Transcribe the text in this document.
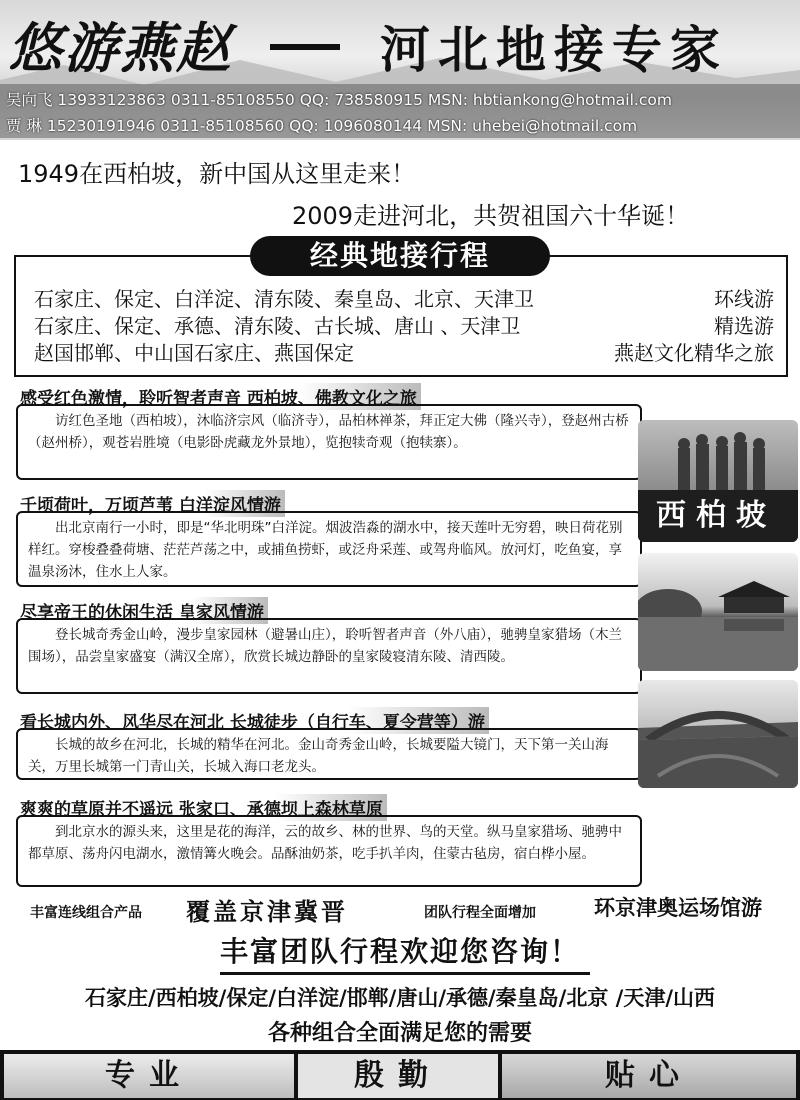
悠游燕赵	河北地接专家
吴向飞 13933123863 0311-85108550 QQ: 738580915 MSN: hbtiankong@hotmail.com
贾 琳 15230191946 0311-85108560 QQ: 1096080144 MSN: uhebei@hotmail.com
1949在西柏坡，新中国从这里走来！
2009走进河北，共贺祖国六十华诞！
石家庄、保定、白洋淀、清东陵、秦皇岛、北京、天津卫	环线游
石家庄、保定、承德、清东陵、古长城、唐山 、天津卫	精选游
赵国邯郸、中山国石家庄、燕国保定	燕赵文化精华之旅
经典地接行程
感受红色激情，聆听智者声音 西柏坡、佛教文化之旅
访红色圣地（西柏坡），沐临济宗风（临济寺），品柏林禅茶，拜正定大佛（隆兴寺），登赵州古桥（赵州桥），观苍岩胜境（电影卧虎藏龙外景地），览抱犊奇观（抱犊寨）。
千顷荷叶，万顷芦苇 白洋淀风情游
出北京南行一小时，即是“华北明珠”白洋淀。烟波浩淼的湖水中，接天莲叶无穷碧，映日荷花别样红。穿梭叠叠荷塘、茫茫芦荡之中，或捕鱼捞虾，或泛舟采莲、或驾舟临风。放河灯，吃鱼宴，享温泉汤沐，住水上人家。
尽享帝王的休闲生活 皇家风情游
登长城奇秀金山岭，漫步皇家园林（避暑山庄），聆听智者声音（外八庙），驰骋皇家猎场（木兰围场），品尝皇家盛宴（满汉全席），欣赏长城边静卧的皇家陵寝清东陵、清西陵。
看长城内外、风华尽在河北 长城徒步（自行车、夏令营等）游
长城的故乡在河北，长城的精华在河北。金山奇秀金山岭，长城要隘大镜门，天下第一关山海关，万里长城第一门青山关，长城入海口老龙头。
爽爽的草原并不遥远 张家口、承德坝上森林草原
到北京水的源头来，这里是花的海洋，云的故乡、林的世界、鸟的天堂。纵马皇家猎场、驰骋中都草原、荡舟闪电湖水，激情篝火晚会。品酥油奶茶，吃手扒羊肉，住蒙古毡房，宿白桦小屋。
西柏坡
丰富连线组合产品 覆盖京津冀晋	团队行程全面增加	环京津奥运场馆游
丰富团队行程欢迎您咨询！
石家庄/西柏坡/保定/白洋淀/邯郸/唐山/承德/秦皇岛/北京 /天津/山西
各种组合全面满足您的需要
专业	殷勤	贴心
